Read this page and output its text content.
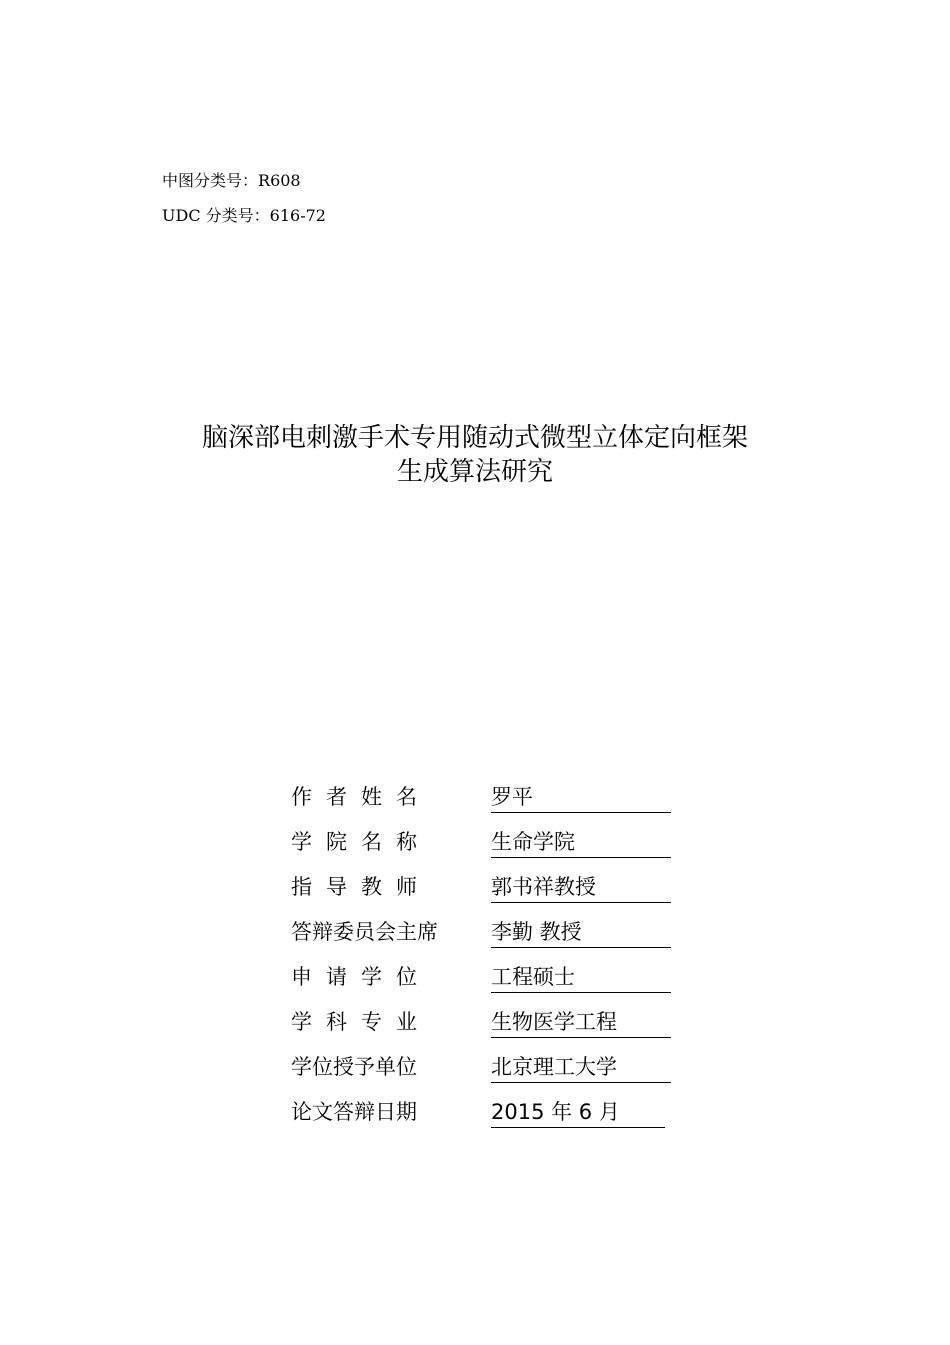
中图分类号：R608
UDC 分类号：616-72
脑深部电刺激手术专用随动式微型立体定向框架
生成算法研究
作者姓名	罗平
学院名称	生命学院
指导教师	郭书祥教授
答辩委员会主席	李勤 教授
申请学位	工程硕士
学科专业	生物医学工程
学位授予单位	北京理工大学
论文答辩日期	2015 年 6 月
